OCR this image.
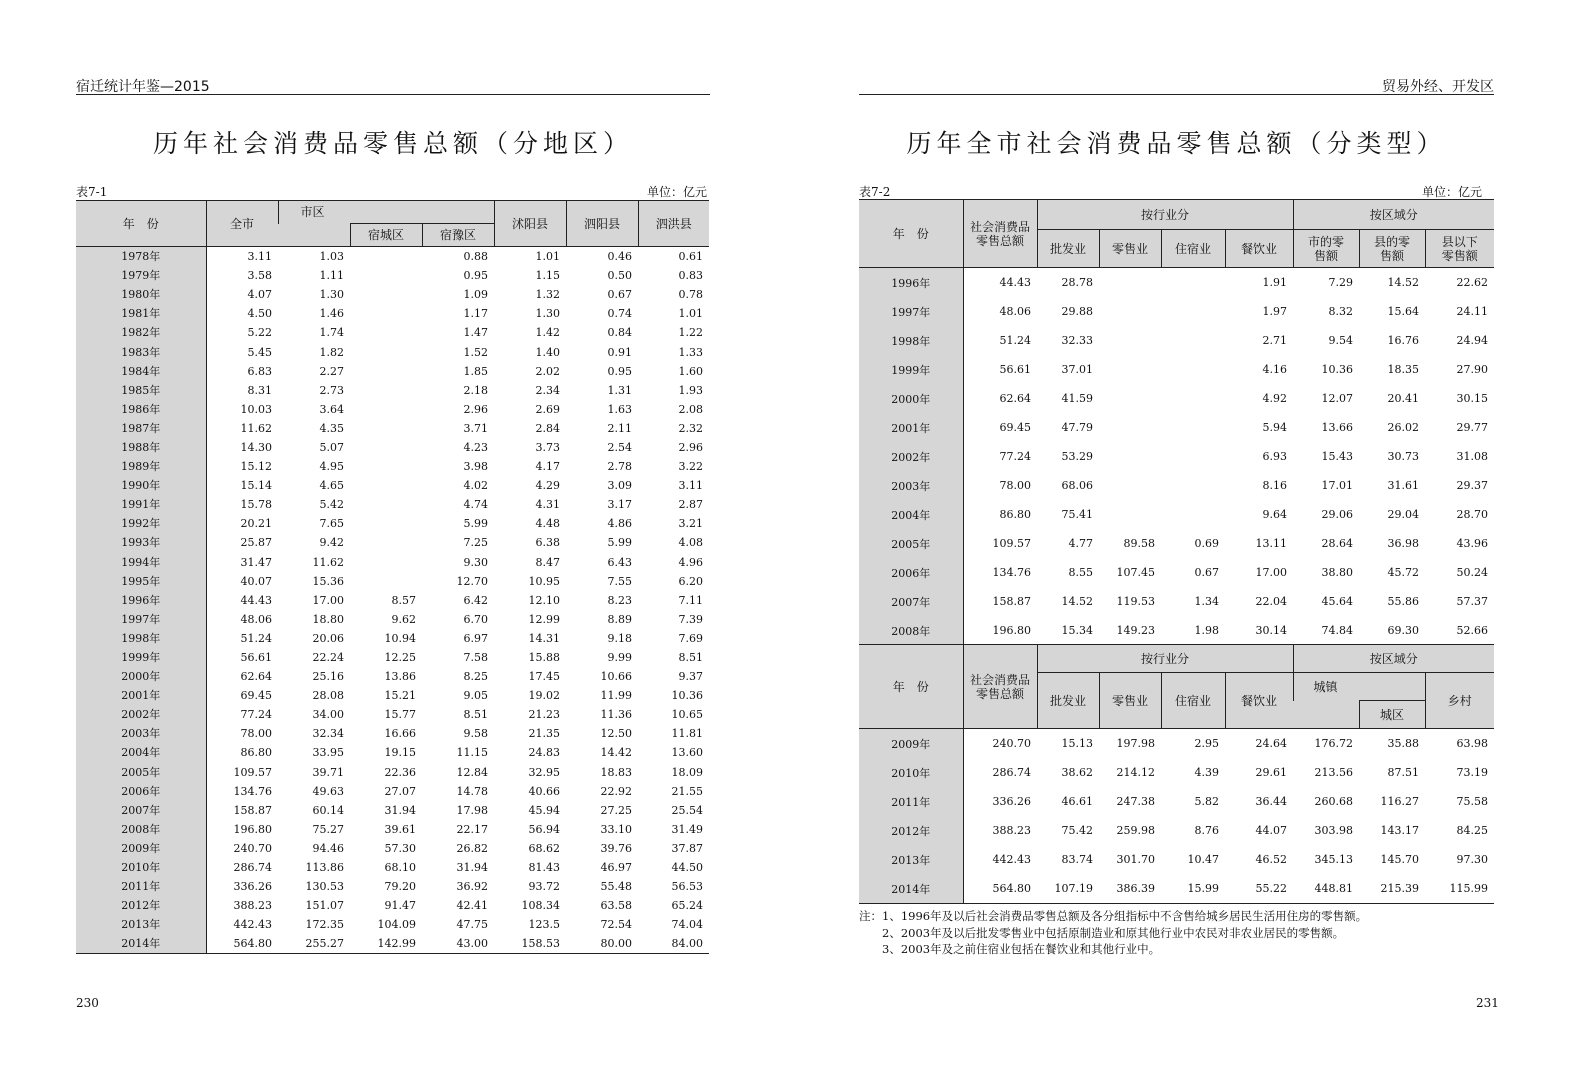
宿迁统计年鉴—2015
历年社会消费品零售总额（分地区）
表7-1	单位：亿元
年　份	全市	市区			沭阳县	泗阳县	泗洪县
			宿城区	宿豫区			
1978年	3.11	1.03		0.88	1.01	0.46	0.61
1979年	3.58	1.11		0.95	1.15	0.50	0.83
1980年	4.07	1.30		1.09	1.32	0.67	0.78
1981年	4.50	1.46		1.17	1.30	0.74	1.01
1982年	5.22	1.74		1.47	1.42	0.84	1.22
1983年	5.45	1.82		1.52	1.40	0.91	1.33
1984年	6.83	2.27		1.85	2.02	0.95	1.60
1985年	8.31	2.73		2.18	2.34	1.31	1.93
1986年	10.03	3.64		2.96	2.69	1.63	2.08
1987年	11.62	4.35		3.71	2.84	2.11	2.32
1988年	14.30	5.07		4.23	3.73	2.54	2.96
1989年	15.12	4.95		3.98	4.17	2.78	3.22
1990年	15.14	4.65		4.02	4.29	3.09	3.11
1991年	15.78	5.42		4.74	4.31	3.17	2.87
1992年	20.21	7.65		5.99	4.48	4.86	3.21
1993年	25.87	9.42		7.25	6.38	5.99	4.08
1994年	31.47	11.62		9.30	8.47	6.43	4.96
1995年	40.07	15.36		12.70	10.95	7.55	6.20
1996年	44.43	17.00	8.57	6.42	12.10	8.23	7.11
1997年	48.06	18.80	9.62	6.70	12.99	8.89	7.39
1998年	51.24	20.06	10.94	6.97	14.31	9.18	7.69
1999年	56.61	22.24	12.25	7.58	15.88	9.99	8.51
2000年	62.64	25.16	13.86	8.25	17.45	10.66	9.37
2001年	69.45	28.08	15.21	9.05	19.02	11.99	10.36
2002年	77.24	34.00	15.77	8.51	21.23	11.36	10.65
2003年	78.00	32.34	16.66	9.58	21.35	12.50	11.81
2004年	86.80	33.95	19.15	11.15	24.83	14.42	13.60
2005年	109.57	39.71	22.36	12.84	32.95	18.83	18.09
2006年	134.76	49.63	27.07	14.78	40.66	22.92	21.55
2007年	158.87	60.14	31.94	17.98	45.94	27.25	25.54
2008年	196.80	75.27	39.61	22.17	56.94	33.10	31.49
2009年	240.70	94.46	57.30	26.82	68.62	39.76	37.87
2010年	286.74	113.86	68.10	31.94	81.43	46.97	44.50
2011年	336.26	130.53	79.20	36.92	93.72	55.48	56.53
2012年	388.23	151.07	91.47	42.41	108.34	63.58	65.24
2013年	442.43	172.35	104.09	47.75	123.5	72.54	74.04
2014年	564.80	255.27	142.99	43.00	158.53	80.00	84.00
230
贸易外经、开发区
历年全市社会消费品零售总额（分类型）
表7-2	单位：亿元
年　份	社会消费品零售总额	按行业分				按区域分		
		批发业	零售业	住宿业	餐饮业	市的零售额	县的零售额	县以下零售额
1996年	44.43	28.78			1.91	7.29	14.52	22.62
1997年	48.06	29.88			1.97	8.32	15.64	24.11
1998年	51.24	32.33			2.71	9.54	16.76	24.94
1999年	56.61	37.01			4.16	10.36	18.35	27.90
2000年	62.64	41.59			4.92	12.07	20.41	30.15
2001年	69.45	47.79			5.94	13.66	26.02	29.77
2002年	77.24	53.29			6.93	15.43	30.73	31.08
2003年	78.00	68.06			8.16	17.01	31.61	29.37
2004年	86.80	75.41			9.64	29.06	29.04	28.70
2005年	109.57	4.77	89.58	0.69	13.11	28.64	36.98	43.96
2006年	134.76	8.55	107.45	0.67	17.00	38.80	45.72	50.24
2007年	158.87	14.52	119.53	1.34	22.04	45.64	55.86	57.37
2008年	196.80	15.34	149.23	1.98	30.14	74.84	69.30	52.66
年　份	社会消费品零售总额	按行业分				按区域分		
		批发业	零售业	住宿业	餐饮业	城镇		乡村
							城区	
2009年	240.70	15.13	197.98	2.95	24.64	176.72	35.88	63.98
2010年	286.74	38.62	214.12	4.39	29.61	213.56	87.51	73.19
2011年	336.26	46.61	247.38	5.82	36.44	260.68	116.27	75.58
2012年	388.23	75.42	259.98	8.76	44.07	303.98	143.17	84.25
2013年	442.43	83.74	301.70	10.47	46.52	345.13	145.70	97.30
2014年	564.80	107.19	386.39	15.99	55.22	448.81	215.39	115.99
注：1、1996年及以后社会消费品零售总额及各分组指标中不含售给城乡居民生活用住房的零售额。
　　2、2003年及以后批发零售业中包括原制造业和原其他行业中农民对非农业居民的零售额。
　　3、2003年及之前住宿业包括在餐饮业和其他行业中。
231
